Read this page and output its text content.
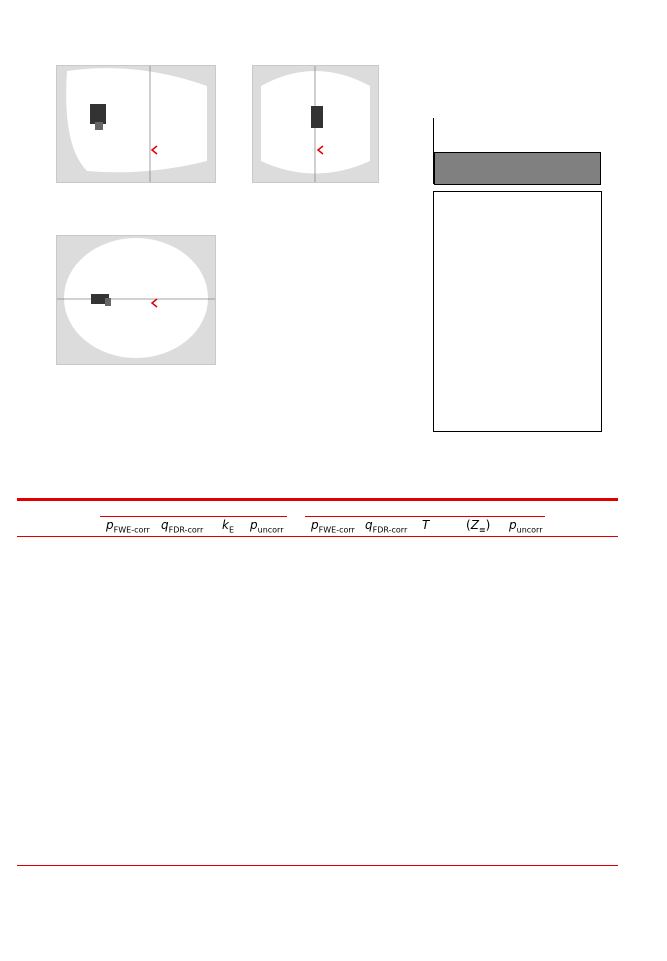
$p_{FWE-corr}$ $q_{FDR-corr}$ $k_E$ $p_{uncorr}$ $p_{FWE-corr}$ $q_{FDR-corr}$ T	$(Z_\equiv)$ $p_{uncorr}$
